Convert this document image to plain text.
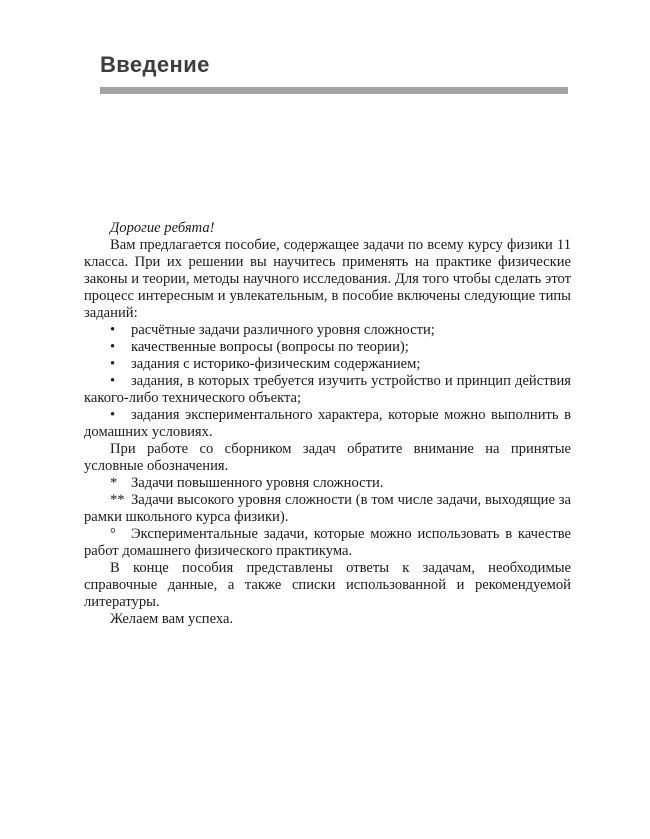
Введение

Дорогие ребята!

Вам предлагается пособие, содержащее задачи по всему курсу физики 11 класса. При их решении вы научитесь применять на практике физические законы и теории, методы научного исследования. Для того чтобы сделать этот процесс интересным и увлекательным, в пособие включены следующие типы заданий:

• расчётные задачи различного уровня сложности;

• качественные вопросы (вопросы по теории);

• задания с историко-физическим содержанием;

• задания, в которых требуется изучить устройство и принцип действия какого-либо технического объекта;

• задания экспериментального характера, которые можно выполнить в домашних условиях.

При работе со сборником задач обратите внимание на принятые условные обозначения.

* Задачи повышенного уровня сложности.

** Задачи высокого уровня сложности (в том числе задачи, выходящие за рамки школьного курса физики).

° Экспериментальные задачи, которые можно использовать в качестве работ домашнего физического практикума.

В конце пособия представлены ответы к задачам, необходимые справочные данные, а также списки использованной и рекомендуемой литературы.

Желаем вам успеха.
